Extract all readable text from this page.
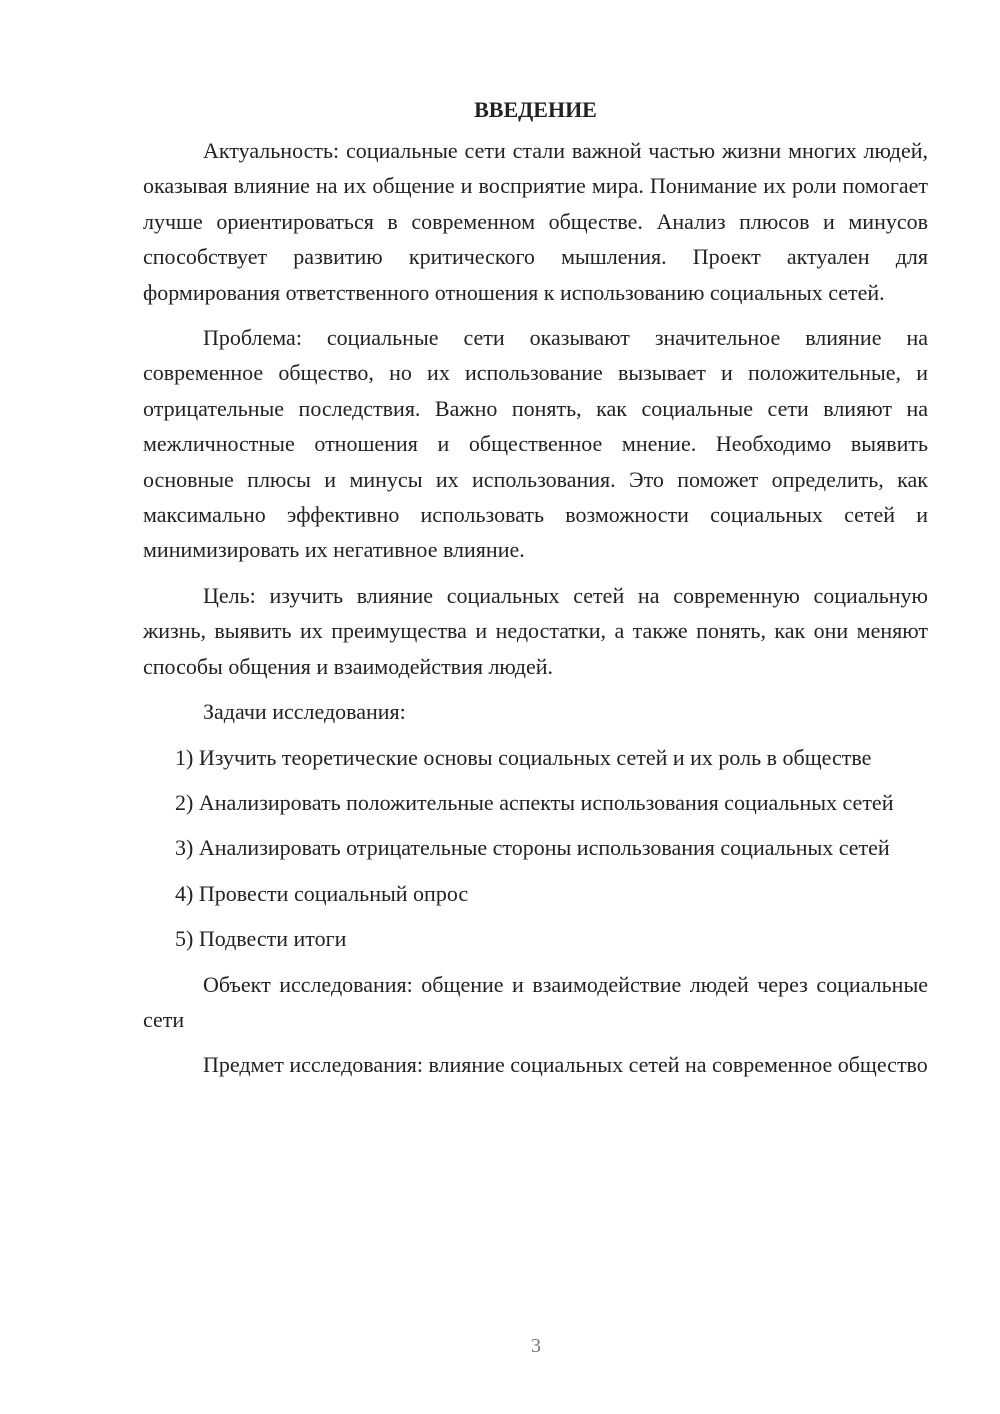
ВВЕДЕНИЕ

Актуальность: социальные сети стали важной частью жизни многих людей, оказывая влияние на их общение и восприятие мира. Понимание их роли помогает лучше ориентироваться в современном обществе. Анализ плюсов и минусов способствует развитию критического мышления. Проект актуален для формирования ответственного отношения к использованию социальных сетей.

Проблема: социальные сети оказывают значительное влияние на современное общество, но их использование вызывает и положительные, и отрицательные последствия. Важно понять, как социальные сети влияют на межличностные отношения и общественное мнение. Необходимо выявить основные плюсы и минусы их использования. Это поможет определить, как максимально эффективно использовать возможности социальных сетей и минимизировать их негативное влияние.

Цель: изучить влияние социальных сетей на современную социальную жизнь, выявить их преимущества и недостатки, а также понять, как они меняют способы общения и взаимодействия людей.

Задачи исследования:

1) Изучить теоретические основы социальных сетей и их роль в обществе

2) Анализировать положительные аспекты использования социальных сетей

3) Анализировать отрицательные стороны использования социальных сетей

4) Провести социальный опрос

5) Подвести итоги

Объект исследования: общение и взаимодействие людей через социальные сети

Предмет исследования: влияние социальных сетей на современное общество

3
